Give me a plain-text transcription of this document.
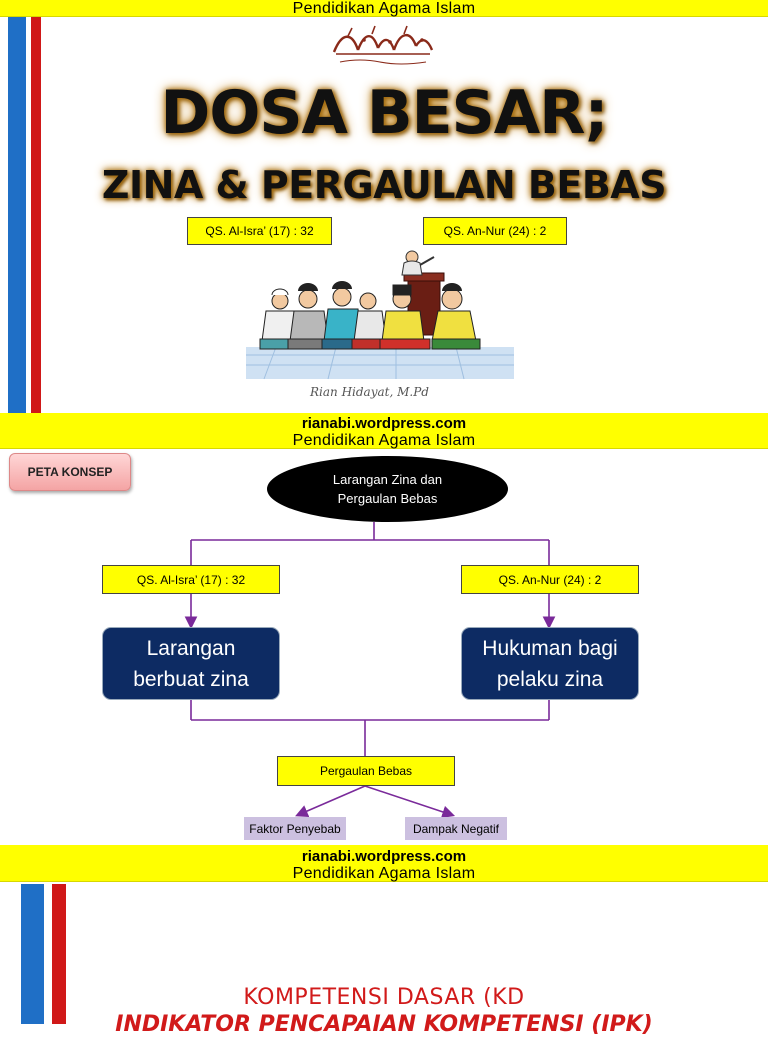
Pendidikan Agama Islam
DOSA BESAR;
ZINA & PERGAULAN BEBAS
QS. Al-Isra’ (17) : 32	QS. An-Nur (24) : 2
Rian Hidayat, M.Pd
rianabi.wordpress.com
Pendidikan Agama Islam
PETA KONSEP	Larangan Zina dan
Pergaulan Bebas
QS. Al-Isra’ (17) : 32	QS. An-Nur (24) : 2
Larangan
berbuat zina
Hukuman bagi
pelaku zina
Pergaulan Bebas
Faktor Penyebab	Dampak Negatif
rianabi.wordpress.com
Pendidikan Agama Islam
KOMPETENSI DASAR (KD
INDIKATOR PENCAPAIAN KOMPETENSI (IPK)
